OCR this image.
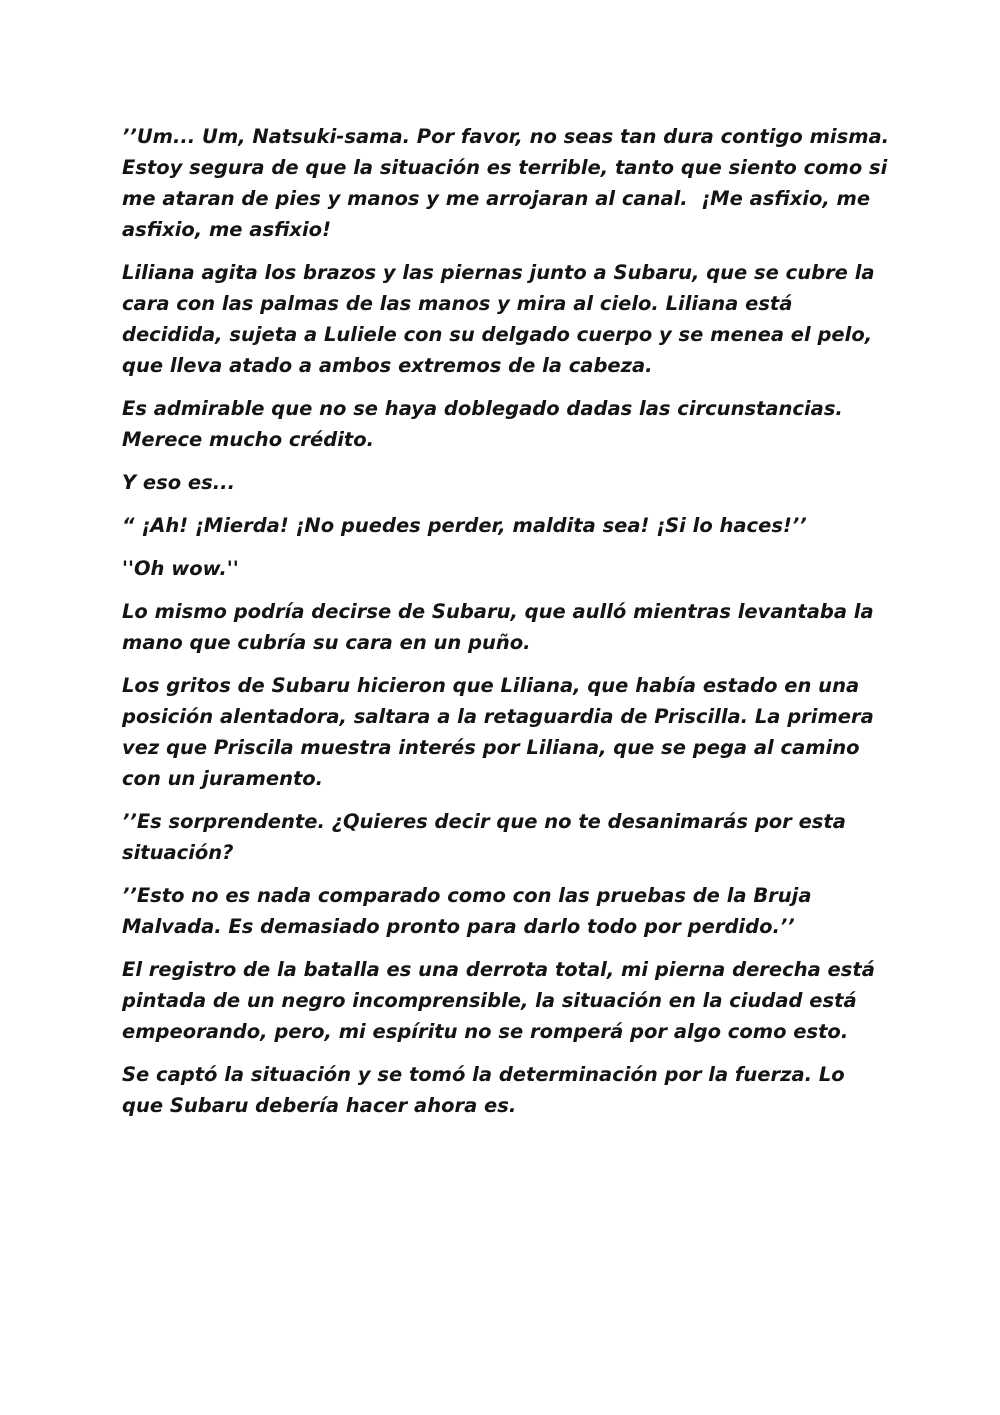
’’Um... Um, Natsuki-sama. Por favor, no seas tan dura contigo misma. Estoy segura de que la situación es terrible, tanto que siento como si me ataran de pies y manos y me arrojaran al canal.  ¡Me asfixio, me asfixio, me asfixio!

Liliana agita los brazos y las piernas junto a Subaru, que se cubre la cara con las palmas de las manos y mira al cielo. Liliana está decidida, sujeta a Luliele con su delgado cuerpo y se menea el pelo, que lleva atado a ambos extremos de la cabeza.

Es admirable que no se haya doblegado dadas las circunstancias. Merece mucho crédito.

Y eso es...

“ ¡Ah! ¡Mierda! ¡No puedes perder, maldita sea! ¡Si lo haces!’’

''Oh wow.''

Lo mismo podría decirse de Subaru, que aulló mientras levantaba la mano que cubría su cara en un puño.

Los gritos de Subaru hicieron que Liliana, que había estado en una posición alentadora, saltara a la retaguardia de Priscilla. La primera vez que Priscila muestra interés por Liliana, que se pega al camino con un juramento.

’’Es sorprendente. ¿Quieres decir que no te desanimarás por esta situación?

’’Esto no es nada comparado como con las pruebas de la Bruja Malvada. Es demasiado pronto para darlo todo por perdido.’’

El registro de la batalla es una derrota total, mi pierna derecha está pintada de un negro incomprensible, la situación en la ciudad está empeorando, pero, mi espíritu no se romperá por algo como esto.

Se captó la situación y se tomó la determinación por la fuerza. Lo que Subaru debería hacer ahora es.
